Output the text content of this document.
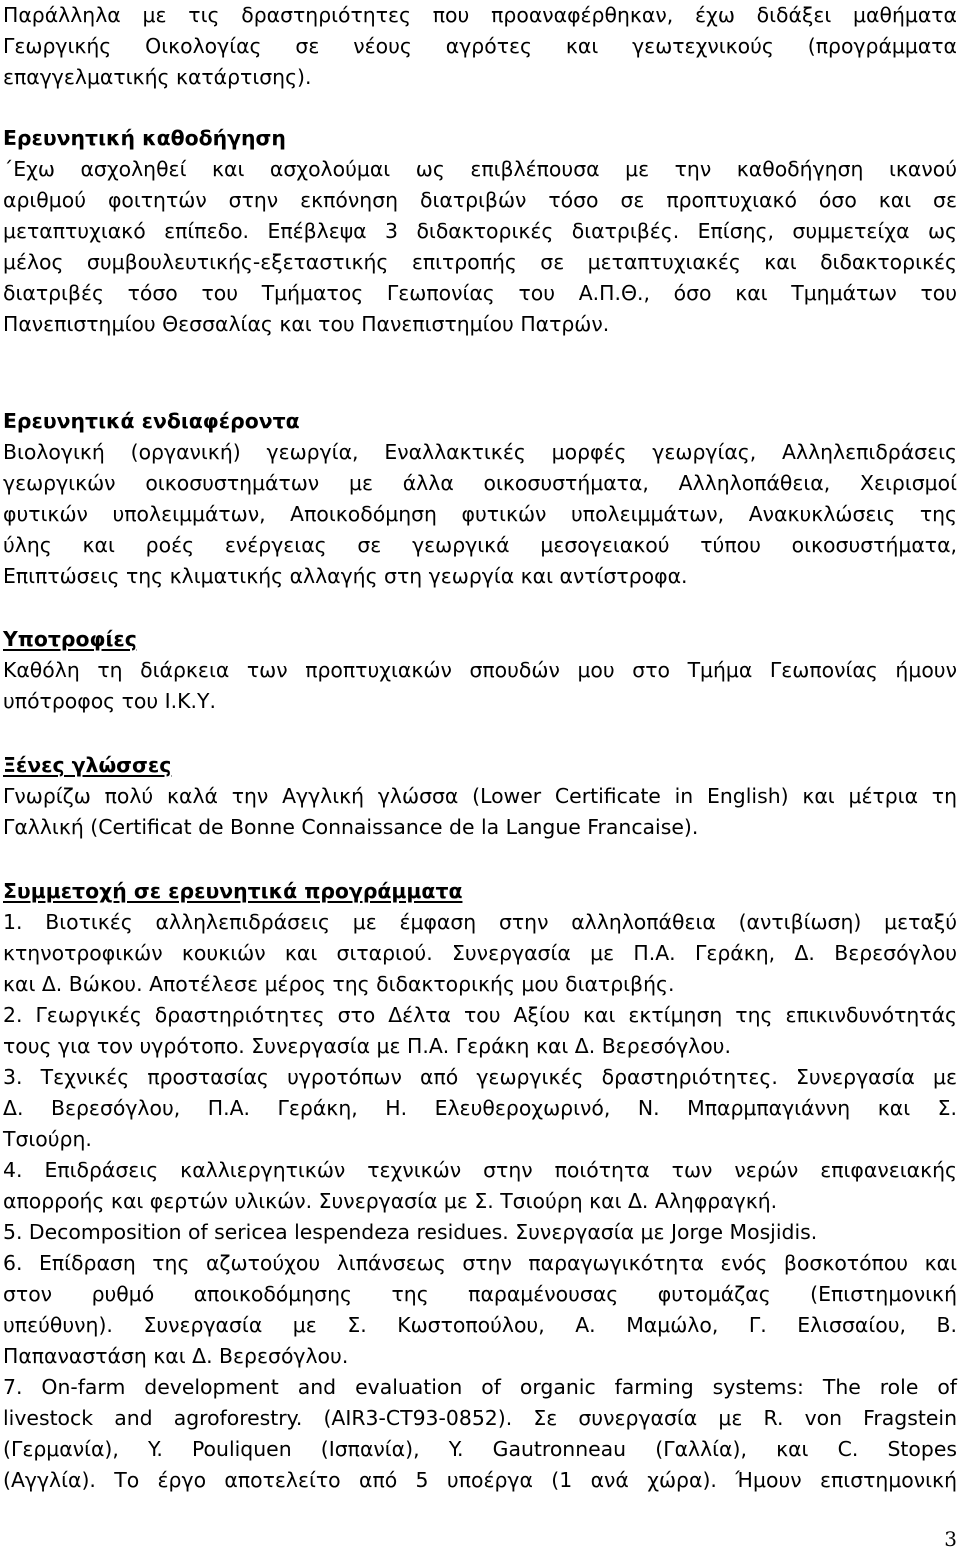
Παράλληλα με τις δραστηριότητες που προαναφέρθηκαν, έχω διδάξει μαθήματα
Γεωργικής Οικολογίας σε νέους αγρότες και γεωτεχνικούς (προγράμματα
επαγγελματικής κατάρτισης).
Ερευνητική καθοδήγηση
΄Εχω ασχοληθεί και ασχολούμαι ως επιβλέπουσα με την καθοδήγηση ικανού
αριθμού φοιτητών στην εκπόνηση διατριβών τόσο σε προπτυχιακό όσο και σε
μεταπτυχιακό επίπεδο. Επέβλεψα 3 διδακτορικές διατριβές. Επίσης, συμμετείχα ως
μέλος συμβουλευτικής-εξεταστικής επιτροπής σε μεταπτυχιακές και διδακτορικές
διατριβές τόσο του Τμήματος Γεωπονίας του Α.Π.Θ., όσο και Τμημάτων του
Πανεπιστημίου Θεσσαλίας και του Πανεπιστημίου Πατρών.
Ερευνητικά ενδιαφέροντα
Βιολογική (οργανική) γεωργία, Εναλλακτικές μορφές γεωργίας, Αλληλεπιδράσεις
γεωργικών οικοσυστημάτων με άλλα οικοσυστήματα, Αλληλοπάθεια, Χειρισμοί
φυτικών υπολειμμάτων, Αποικοδόμηση φυτικών υπολειμμάτων, Ανακυκλώσεις της
ύλης και ροές ενέργειας σε γεωργικά μεσογειακού τύπου οικοσυστήματα,
Επιπτώσεις της κλιματικής αλλαγής στη γεωργία και αντίστροφα.
Υποτροφίες
Καθόλη τη διάρκεια των προπτυχιακών σπουδών μου στο Τμήμα Γεωπονίας ήμουν
υπότροφος του Ι.Κ.Υ.
Ξένες γλώσσες
Γνωρίζω πολύ καλά την Αγγλική γλώσσα (Lower Certificate in English) και μέτρια τη
Γαλλική (Certificat de Bonne Connaissance de la Langue Francaise).
Συμμετοχή σε ερευνητικά προγράμματα
1. Βιοτικές αλληλεπιδράσεις με έμφαση στην αλληλοπάθεια (αντιβίωση) μεταξύ
κτηνοτροφικών κουκιών και σιταριού. Συνεργασία με Π.Α. Γεράκη, Δ. Βερεσόγλου
και Δ. Βώκου. Αποτέλεσε μέρος της διδακτορικής μου διατριβής.
2. Γεωργικές δραστηριότητες στο Δέλτα του Αξίου και εκτίμηση της επικινδυνότητάς
τους για τον υγρότοπο. Συνεργασία με Π.Α. Γεράκη και Δ. Βερεσόγλου.
3. Τεχνικές προστασίας υγροτόπων από γεωργικές δραστηριότητες. Συνεργασία με
Δ. Βερεσόγλου, Π.Α. Γεράκη, Η. Ελευθεροχωρινό, Ν. Μπαρμπαγιάννη και Σ.
Τσιούρη.
4. Επιδράσεις καλλιεργητικών τεχνικών στην ποιότητα των νερών επιφανειακής
απορροής και φερτών υλικών. Συνεργασία με Σ. Τσιούρη και Δ. Αληφραγκή.
5. Decomposition of sericea lespendeza residues. Συνεργασία με Jorge Mosjidis.
6. Επίδραση της αζωτούχου λιπάνσεως στην παραγωγικότητα ενός βοσκοτόπου και
στον ρυθμό αποικοδόμησης της παραμένουσας φυτομάζας (Επιστημονική
υπεύθυνη). Συνεργασία με Σ. Κωστοπούλου, Α. Μαμώλο, Γ. Ελισσαίου, Β.
Παπαναστάση και Δ. Βερεσόγλου.
7. On-farm development and evaluation of organic farming systems: The role of
livestock and agroforestry. (AIR3-CT93-0852). Σε συνεργασία με R. von Fragstein
(Γερμανία), Y. Pouliquen (Ισπανία), Y. Gautronneau (Γαλλία), και C. Stopes
(Αγγλία). Το έργο αποτελείτο από 5 υποέργα (1 ανά χώρα). Ήμουν επιστημονική
3
